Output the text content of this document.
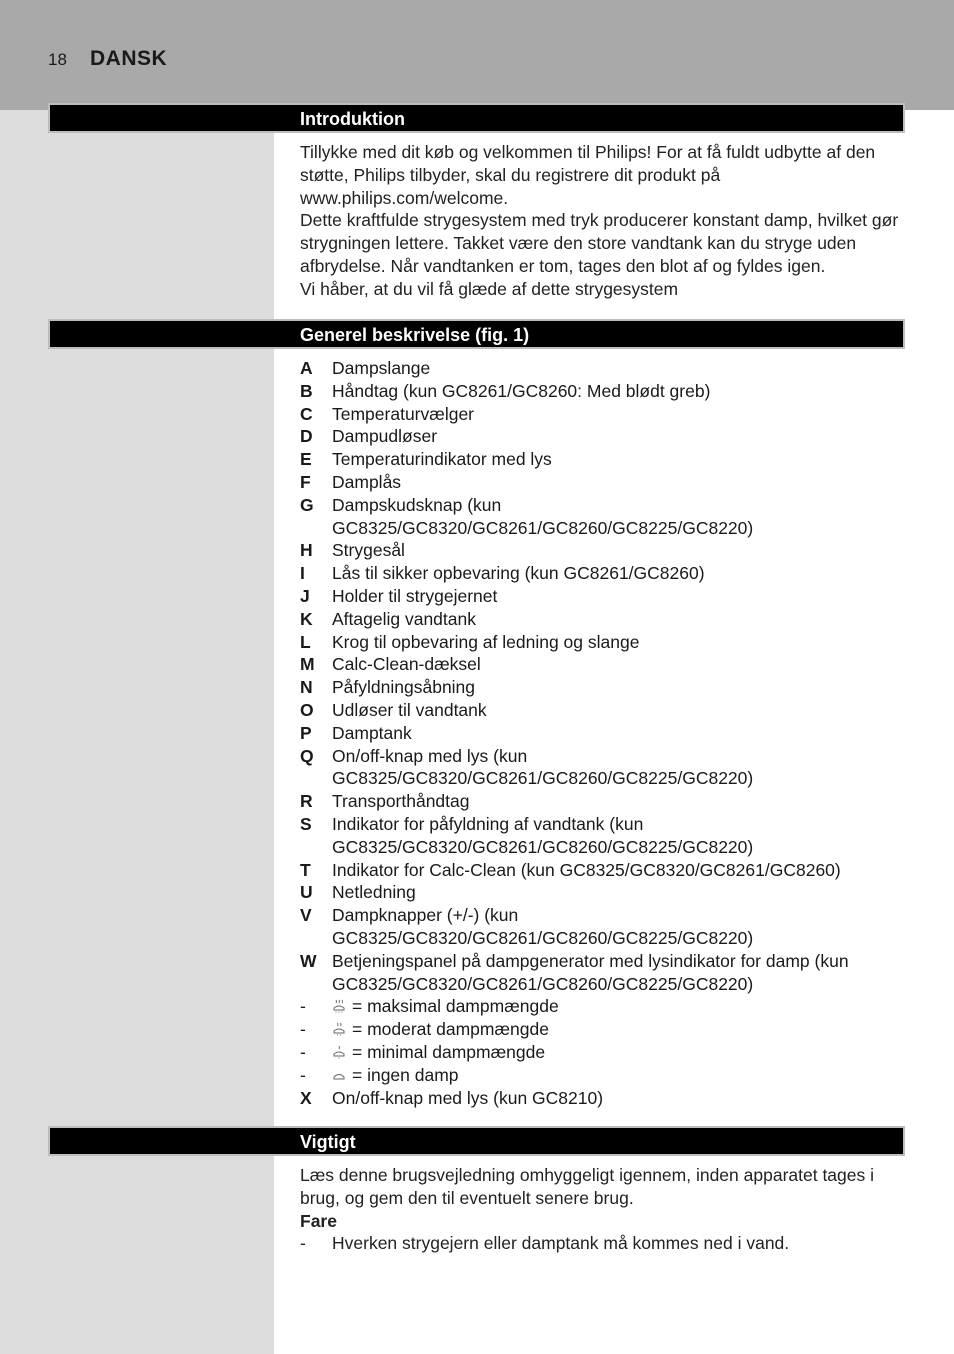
18 DANSK
Introduktion

Tillykke med dit køb og velkommen til Philips! For at få fuldt udbytte af den støtte, Philips tilbyder, skal du registrere dit produkt på www.philips.com/welcome.

Dette kraftfulde strygesystem med tryk producerer konstant damp, hvilket gør strygningen lettere. Takket være den store vandtank kan du stryge uden afbrydelse. Når vandtanken er tom, tages den blot af og fyldes igen.

Vi håber, at du vil få glæde af dette strygesystem

Generel beskrivelse (fig. 1)
A	Dampslange
B	Håndtag (kun GC8261/GC8260: Med blødt greb)
C	Temperaturvælger
D	Dampudløser
E	Temperaturindikator med lys
F	Damplås
G	Dampskudsknap (kun GC8325/GC8320/GC8261/GC8260/GC8225/GC8220)
H	Strygesål
I	Lås til sikker opbevaring (kun GC8261/GC8260)
J	Holder til strygejernet
K	Aftagelig vandtank
L	Krog til opbevaring af ledning og slange
M Calc-Clean-dæksel
N	Påfyldningsåbning
O	Udløser til vandtank
P	Damptank
Q	On/off-knap med lys (kun GC8325/GC8320/GC8261/GC8260/GC8225/GC8220)
R	Transporthåndtag
S	Indikator for påfyldning af vandtank (kun GC8325/GC8320/GC8261/GC8260/GC8225/GC8220)
T	Indikator for Calc-Clean (kun GC8325/GC8320/GC8261/GC8260)
U	Netledning
V	Dampknapper (+/-) (kun GC8325/GC8320/GC8261/GC8260/GC8225/GC8220)
W Betjeningspanel på dampgenerator med lysindikator for damp (kun GC8325/GC8320/GC8261/GC8260/GC8225/GC8220)
-	= maksimal dampmængde
-	= moderat dampmængde
-	= minimal dampmængde
-	= ingen damp
X	On/off-knap med lys (kun GC8210)
Vigtigt

Læs denne brugsvejledning omhyggeligt igennem, inden apparatet tages i brug, og gem den til eventuelt senere brug.

Fare

-	Hverken strygejern eller damptank må kommes ned i vand.
